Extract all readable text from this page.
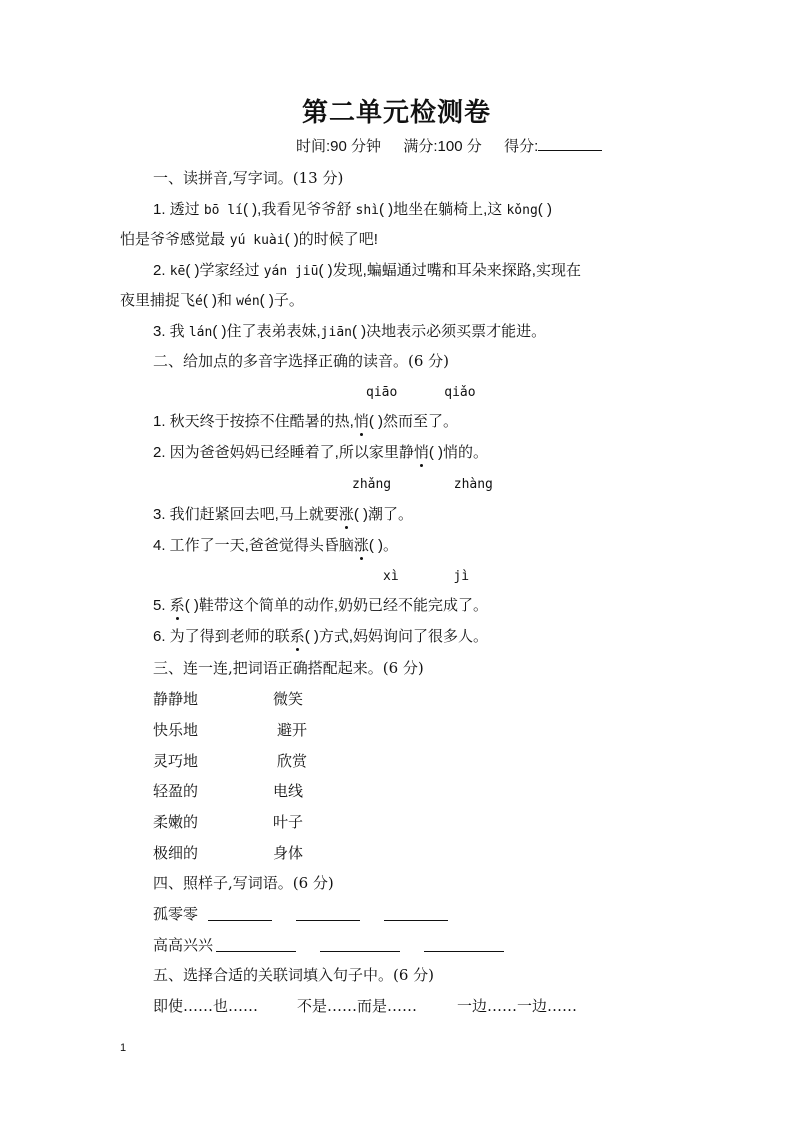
第二单元检测卷
时间:90 分钟 满分:100 分 得分:
一、读拼音,写字词。(13 分)
1. 透过 bō lí( ),我看见爷爷舒 shì( )地坐在躺椅上,这 kǒng( )
怕是爷爷感觉最 yú kuài( )的时候了吧!
2. kē( )学家经过 yán jiū( )发现,蝙蝠通过嘴和耳朵来探路,实现在
夜里捕捉飞é( )和 wén( )子。
3. 我 lán( )住了表弟表妹,jiān( )决地表示必须买票才能进。
二、给加点的多音字选择正确的读音。(6 分)
qiāo      qiǎo
1. 秋天终于按捺不住酷暑的热,悄( )然而至了。
2. 因为爸爸妈妈已经睡着了,所以家里静悄( )悄的。
zhǎng        zhàng
3. 我们赶紧回去吧,马上就要涨( )潮了。
4. 工作了一天,爸爸觉得头昏脑涨( )。
xì       jì
5. 系( )鞋带这个简单的动作,奶奶已经不能完成了。
6. 为了得到老师的联系( )方式,妈妈询问了很多人。
三、连一连,把词语正确搭配起来。(6 分)
静静地	微笑
快乐地	避开
灵巧地	欣赏
轻盈的	电线
柔嫩的	叶子
极细的	身体
四、照样子,写词语。(6 分)
孤零零
高高兴兴
五、选择合适的关联词填入句子中。(6 分)
即使……也……	不是……而是……	一边……一边……
1
